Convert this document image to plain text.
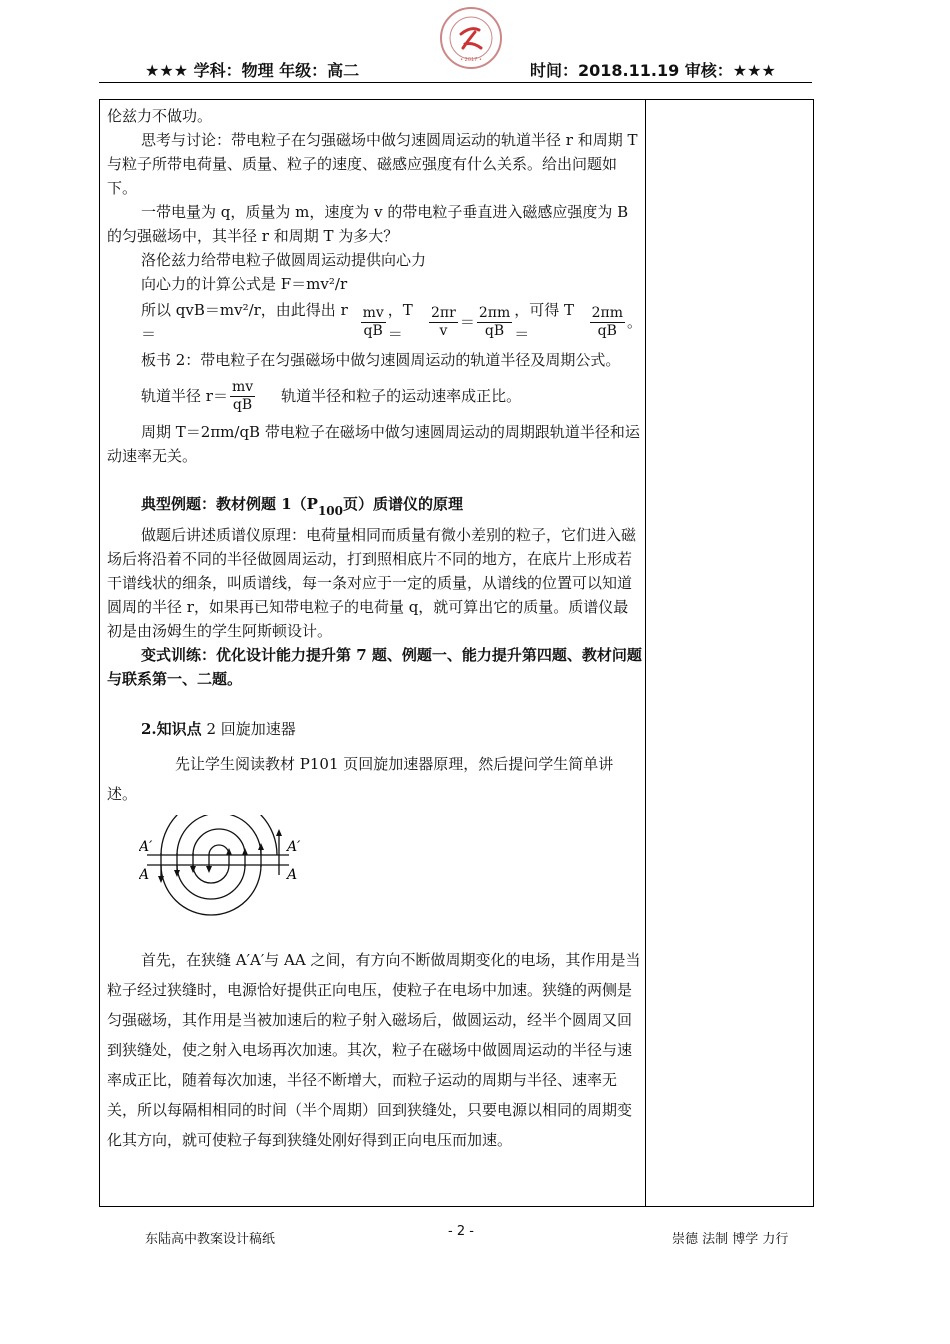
★★★ 学科：物理 年级：高二	时间：2018.11.19 审核：★★★
• 2017 •

伦兹力不做功。

思考与讨论：带电粒子在匀强磁场中做匀速圆周运动的轨道半径 r 和周期 T 与粒子所带电荷量、质量、粒子的速度、磁感应强度有什么关系。给出问题如下。

一带电量为 q，质量为 m，速度为 v 的带电粒子垂直进入磁感应强度为 B 的匀强磁场中，其半径 r 和周期 T 为多大？

洛伦兹力给带电粒子做圆周运动提供向心力

向心力的计算公式是 F＝mv²/r

所以 qvB＝mv²/r，由此得出 r＝	$\frac{mv}{qB}$ ，T＝	$\frac{2\pi r}{v} = \frac{2\pi m}{qB}$ ，可得 T＝	$\frac{2\pi m}{qB}$ 。

板书 2：带电粒子在匀强磁场中做匀速圆周运动的轨道半径及周期公式。

轨道半径 $r= \frac{mv}{qB}$ 轨道半径和粒子的运动速率成正比。

周期 T＝2πm/qB 带电粒子在磁场中做匀速圆周运动的周期跟轨道半径和运动速率无关。

典型例题：教材例题 $1(P_{100}$页）质谱仪的原理

做题后讲述质谱仪原理：电荷量相同而质量有微小差别的粒子，它们进入磁场后将沿着不同的半径做圆周运动，打到照相底片不同的地方，在底片上形成若干谱线状的细条，叫质谱线，每一条对应于一定的质量，从谱线的位置可以知道圆周的半径 r，如果再已知带电粒子的电荷量 q，就可算出它的质量。质谱仪最初是由汤姆生的学生阿斯顿设计。

变式训练：优化设计能力提升第 7 题、例题一、能力提升第四题、教材问题与联系第一、二题。

2.知识点 2 回旋加速器

先让学生阅读教材 P101 页回旋加速器原理，然后提问学生简单讲述。

A′
A
A′
A

首先，在狭缝 A′A′与 AA 之间，有方向不断做周期变化的电场，其作用是当粒子经过狭缝时，电源恰好提供正向电压，使粒子在电场中加速。狭缝的两侧是匀强磁场，其作用是当被加速后的粒子射入磁场后，做圆运动，经半个圆周又回到狭缝处，使之射入电场再次加速。其次，粒子在磁场中做圆周运动的半径与速率成正比，随着每次加速，半径不断增大，而粒子运动的周期与半径、速率无关，所以每隔相相同的时间（半个周期）回到狭缝处，只要电源以相同的周期变化其方向，就可使粒子每到狭缝处刚好得到正向电压而加速。

东陆高中教案设计稿纸
- 2 -
崇德 法制 博学 力行
